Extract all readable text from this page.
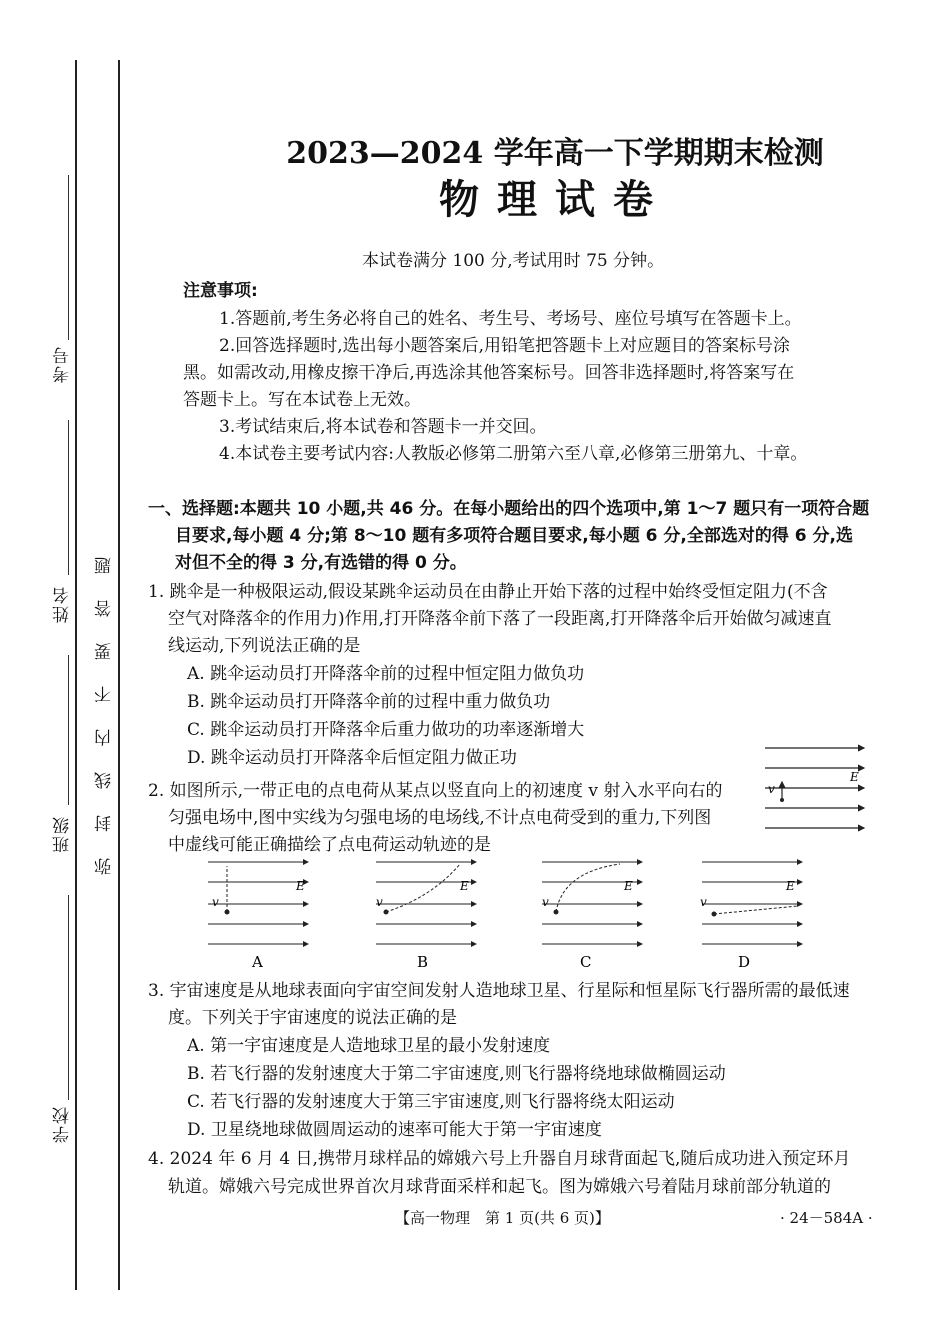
考号
姓名
班级
学校
弥封线内不要答题
2023—2024 学年高一下学期期末检测
物理试卷
本试卷满分 100 分,考试用时 75 分钟。
注意事项:
1.答题前,考生务必将自己的姓名、考生号、考场号、座位号填写在答题卡上。
2.回答选择题时,选出每小题答案后,用铅笔把答题卡上对应题目的答案标号涂
黑。如需改动,用橡皮擦干净后,再选涂其他答案标号。回答非选择题时,将答案写在
答题卡上。写在本试卷上无效。
3.考试结束后,将本试卷和答题卡一并交回。
4.本试卷主要考试内容:人教版必修第二册第六至八章,必修第三册第九、十章。
一、选择题:本题共 10 小题,共 46 分。在每小题给出的四个选项中,第 1～7 题只有一项符合题
目要求,每小题 4 分;第 8～10 题有多项符合题目要求,每小题 6 分,全部选对的得 6 分,选
对但不全的得 3 分,有选错的得 0 分。
1. 跳伞是一种极限运动,假设某跳伞运动员在由静止开始下落的过程中始终受恒定阻力(不含
空气对降落伞的作用力)作用,打开降落伞前下落了一段距离,打开降落伞后开始做匀减速直
线运动,下列说法正确的是
A. 跳伞运动员打开降落伞前的过程中恒定阻力做负功
B. 跳伞运动员打开降落伞前的过程中重力做负功
C. 跳伞运动员打开降落伞后重力做功的功率逐渐增大
D. 跳伞运动员打开降落伞后恒定阻力做正功
v
E
2. 如图所示,一带正电的点电荷从某点以竖直向上的初速度 v 射入水平向右的
匀强电场中,图中实线为匀强电场的电场线,不计点电荷受到的重力,下列图
中虚线可能正确描绘了点电荷运动轨迹的是
v
E
A
v
E
B
v
E
C
v
E
D
3. 宇宙速度是从地球表面向宇宙空间发射人造地球卫星、行星际和恒星际飞行器所需的最低速
度。下列关于宇宙速度的说法正确的是
A. 第一宇宙速度是人造地球卫星的最小发射速度
B. 若飞行器的发射速度大于第二宇宙速度,则飞行器将绕地球做椭圆运动
C. 若飞行器的发射速度大于第三宇宙速度,则飞行器将绕太阳运动
D. 卫星绕地球做圆周运动的速率可能大于第一宇宙速度
4. 2024 年 6 月 4 日,携带月球样品的嫦娥六号上升器自月球背面起飞,随后成功进入预定环月
轨道。嫦娥六号完成世界首次月球背面采样和起飞。图为嫦娥六号着陆月球前部分轨道的
【高一物理　第 1 页(共 6 页)】	· 24－584A ·
